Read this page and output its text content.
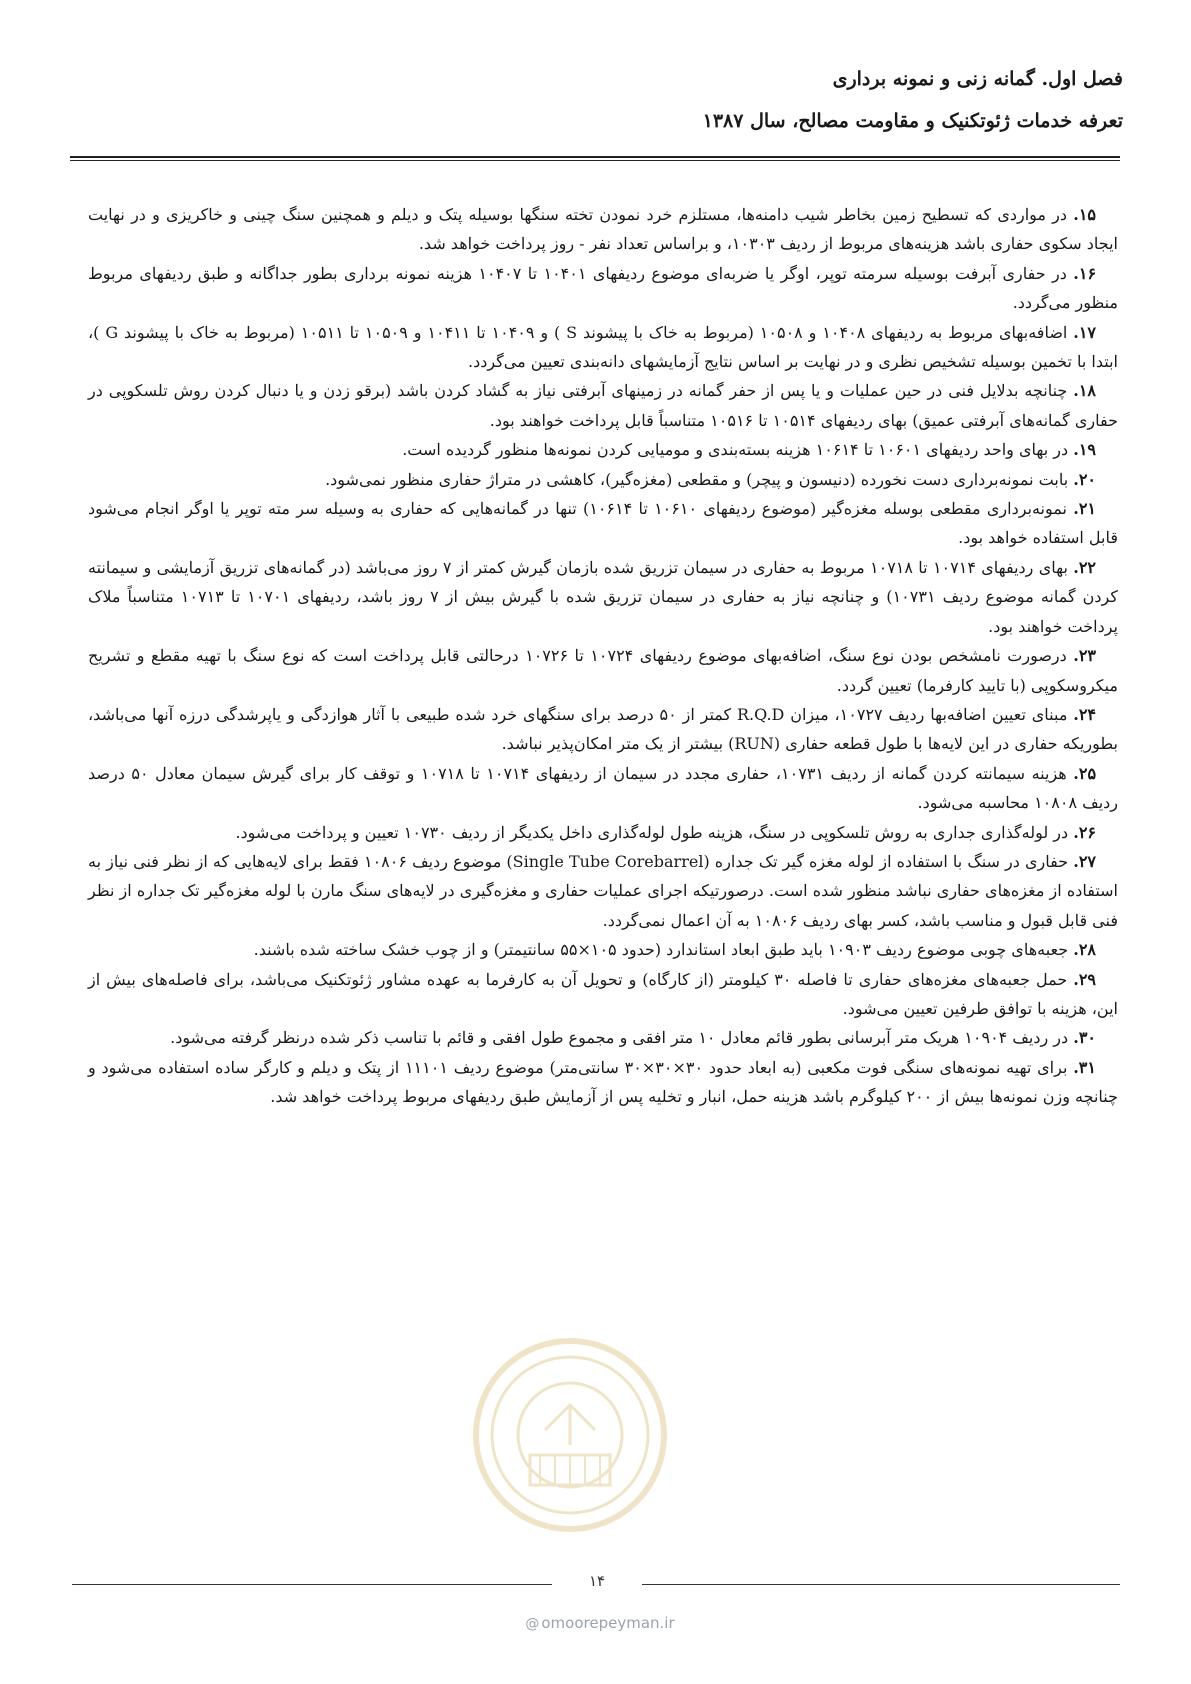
فصل اول. گمانه زنی و نمونه برداری
تعرفه خدمات ژئوتکنیک و مقاومت مصالح، سال ۱۳۸۷

۱۵. در مواردی که تسطیح زمین بخاطر شیب دامنه‌ها، مستلزم خرد نمودن تخته سنگها بوسیله پتک و دیلم و همچنین سنگ چینی و خاکریزی و در نهایت ایجاد سکوی حفاری باشد هزینه‌های مربوط از ردیف ۱۰۳۰۳، و براساس تعداد نفر - روز پرداخت خواهد شد.

۱۶. در حفاری آبرفت بوسیله سرمته توپر، اوگر یا ضربه‌ای موضوع ردیفهای ۱۰۴۰۱ تا ۱۰۴۰۷ هزینه نمونه برداری بطور جداگانه و طبق ردیفهای مربوط منظور می‌گردد.

۱۷. اضافه‌بهای مربوط به ردیفهای ۱۰۴۰۸ و ۱۰۵۰۸ (مربوط به خاک با پیشوند S ) و ۱۰۴۰۹ تا ۱۰۴۱۱ و ۱۰۵۰۹ تا ۱۰۵۱۱ (مربوط به خاک با پیشوند G )، ابتدا با تخمین بوسیله تشخیص نظری و در نهایت بر اساس نتایج آزمایشهای دانه‌بندی تعیین می‌گردد.

۱۸. چنانچه بدلایل فنی در حین عملیات و یا پس از حفر گمانه در زمینهای آبرفتی نیاز به گشاد کردن باشد (برقو زدن و یا دنبال کردن روش تلسکوپی در حفاری گمانه‌های آبرفتی عمیق) بهای ردیفهای ۱۰۵۱۴ تا ۱۰۵۱۶ متناسباً قابل پرداخت خواهند بود.

۱۹. در بهای واحد ردیفهای ۱۰۶۰۱ تا ۱۰۶۱۴ هزینه بسته‌بندی و مومیایی کردن نمونه‌ها منظور گردیده است.

۲۰. بابت نمونه‌برداری دست نخورده (دنیسون و پیچر) و مقطعی (مغزه‌گیر)، کاهشی در متراژ حفاری منظور نمی‌شود.

۲۱. نمونه‌برداری مقطعی بوسله مغزه‌گیر (موضوع ردیفهای ۱۰۶۱۰ تا ۱۰۶۱۴) تنها در گمانه‌هایی که حفاری به وسیله سر مته توپر یا اوگر انجام می‌شود قابل استفاده خواهد بود.

۲۲. بهای ردیفهای ۱۰۷۱۴ تا ۱۰۷۱۸ مربوط به حفاری در سیمان تزریق شده بازمان گیرش کمتر از ۷ روز می‌باشد (در گمانه‌های تزریق آزمایشی و سیمانته کردن گمانه موضوع ردیف ۱۰۷۳۱) و چنانچه نیاز به حفاری در سیمان تزریق شده با گیرش بیش از ۷ روز باشد، ردیفهای ۱۰۷۰۱ تا ۱۰۷۱۳ متناسباً ملاک پرداخت خواهند بود.

۲۳. درصورت نامشخص بودن نوع سنگ، اضافه‌بهای موضوع ردیفهای ۱۰۷۲۴ تا ۱۰۷۲۶ درحالتی قابل پرداخت است که نوع سنگ با تهیه مقطع و تشریح میکروسکوپی (با تایید کارفرما) تعیین گردد.

۲۴. مبنای تعیین اضافه‌بها ردیف ۱۰۷۲۷، میزان R.Q.D کمتر از ۵۰ درصد برای سنگهای خرد شده طبیعی با آثار هوازدگی و یاپرشدگی درزه آنها می‌باشد، بطوریکه حفاری در این لایه‌ها با طول قطعه حفاری (RUN) بیشتر از یک متر امکان‌پذیر نباشد.

۲۵. هزینه سیمانته کردن گمانه از ردیف ۱۰۷۳۱، حفاری مجدد در سیمان از ردیفهای ۱۰۷۱۴ تا ۱۰۷۱۸ و توقف کار برای گیرش سیمان معادل ۵۰ درصد ردیف ۱۰۸۰۸ محاسبه می‌شود.

۲۶. در لوله‌گذاری جداری به روش تلسکوپی در سنگ، هزینه طول لوله‌گذاری داخل یکدیگر از ردیف ۱۰۷۳۰ تعیین و پرداخت می‌شود.

۲۷. حفاری در سنگ با استفاده از لوله مغزه گیر تک جداره (Single Tube Corebarrel) موضوع ردیف ۱۰۸۰۶ فقط برای لایه‌هایی که از نظر فنی نیاز به استفاده از مغزه‌های حفاری نباشد منظور شده است. درصورتیکه اجرای عملیات حفاری و مغزه‌گیری در لایه‌های سنگ مارن با لوله مغزه‌گیر تک جداره از نظر فنی قابل قبول و مناسب باشد، کسر بهای ردیف ۱۰۸۰۶ به آن اعمال نمی‌گردد.

۲۸. جعبه‌های چوبی موضوع ردیف ۱۰۹۰۳ باید طبق ابعاد استاندارد (حدود ۱۰۵×۵۵ سانتیمتر) و از چوب خشک ساخته شده باشند.

۲۹. حمل جعبه‌های مغزه‌های حفاری تا فاصله ۳۰ کیلومتر (از کارگاه) و تحویل آن به کارفرما به عهده مشاور ژئوتکنیک می‌باشد، برای فاصله‌های بیش از این، هزینه با توافق طرفین تعیین می‌شود.

۳۰. در ردیف ۱۰۹۰۴ هریک متر آبرسانی بطور قائم معادل ۱۰ متر افقی و مجموع طول افقی و قائم با تناسب ذکر شده درنظر گرفته می‌شود.

۳۱. برای تهیه نمونه‌های سنگی فوت مکعبی (به ابعاد حدود ۳۰×۳۰×۳۰ سانتی‌متر) موضوع ردیف ۱۱۱۰۱ از پتک و دیلم و کارگر ساده استفاده می‌شود و چنانچه وزن نمونه‌ها بیش از ۲۰۰ کیلوگرم باشد هزینه حمل، انبار و تخلیه پس از آزمایش طبق ردیفهای مربوط پرداخت خواهد شد.

۱۴
@ omoorepeyman.ir
